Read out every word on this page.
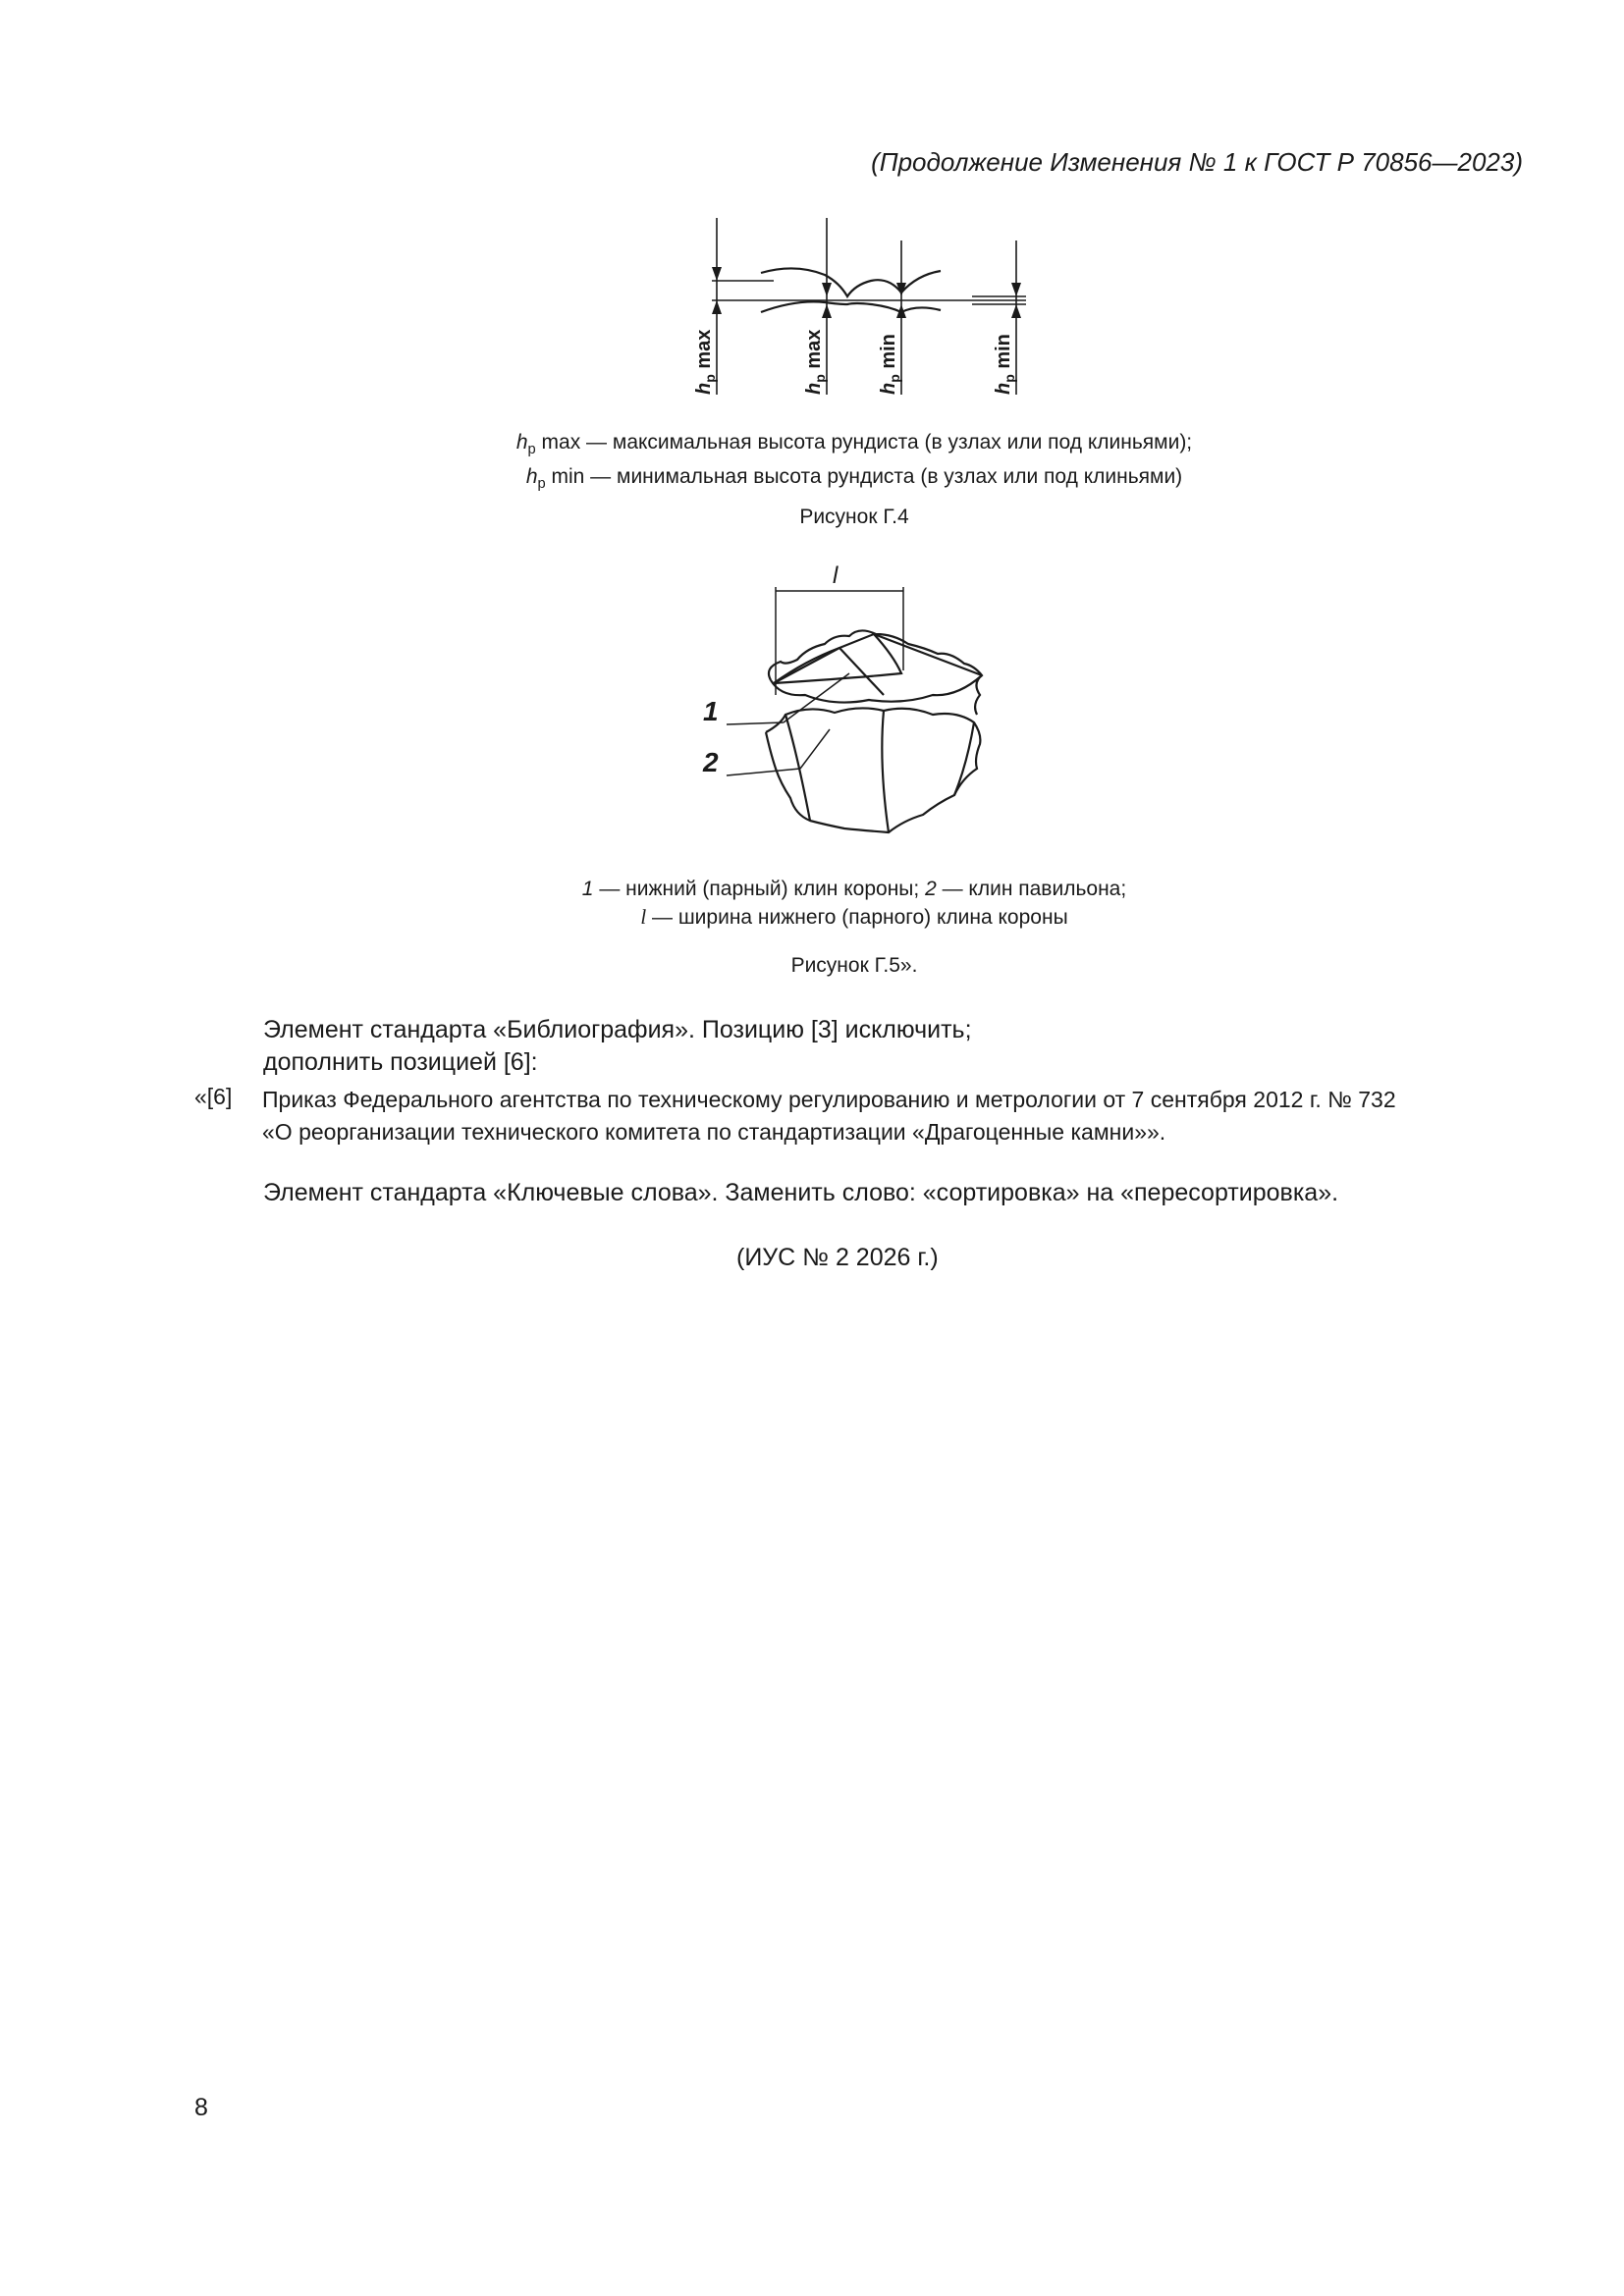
(Продолжение Изменения № 1 к ГОСТ Р 70856—2023)
$h_p$ max
$h_p$ max
$h_p$ min
$h_p$ min
$h_р$ max — максимальная высота рундиста (в узлах или под клиньями);
$h_р$ min — минимальная высота рундиста (в узлах или под клиньями)
Рисунок Г.4
l
1
2
1 — нижний (парный) клин короны; 2 — клин павильона;
l — ширина нижнего (парного) клина короны
Рисунок Г.5».
Элемент стандарта «Библиография». Позицию [3] исключить;
дополнить позицией [6]:
«[6] Приказ Федерального агентства по техническому регулированию и метрологии от 7 сентября 2012 г. № 732
«О реорганизации технического комитета по стандартизации «Драгоценные камни»».
Элемент стандарта «Ключевые слова». Заменить слово: «сортировка» на «пересортировка».
(ИУС № 2 2026 г.)
8
